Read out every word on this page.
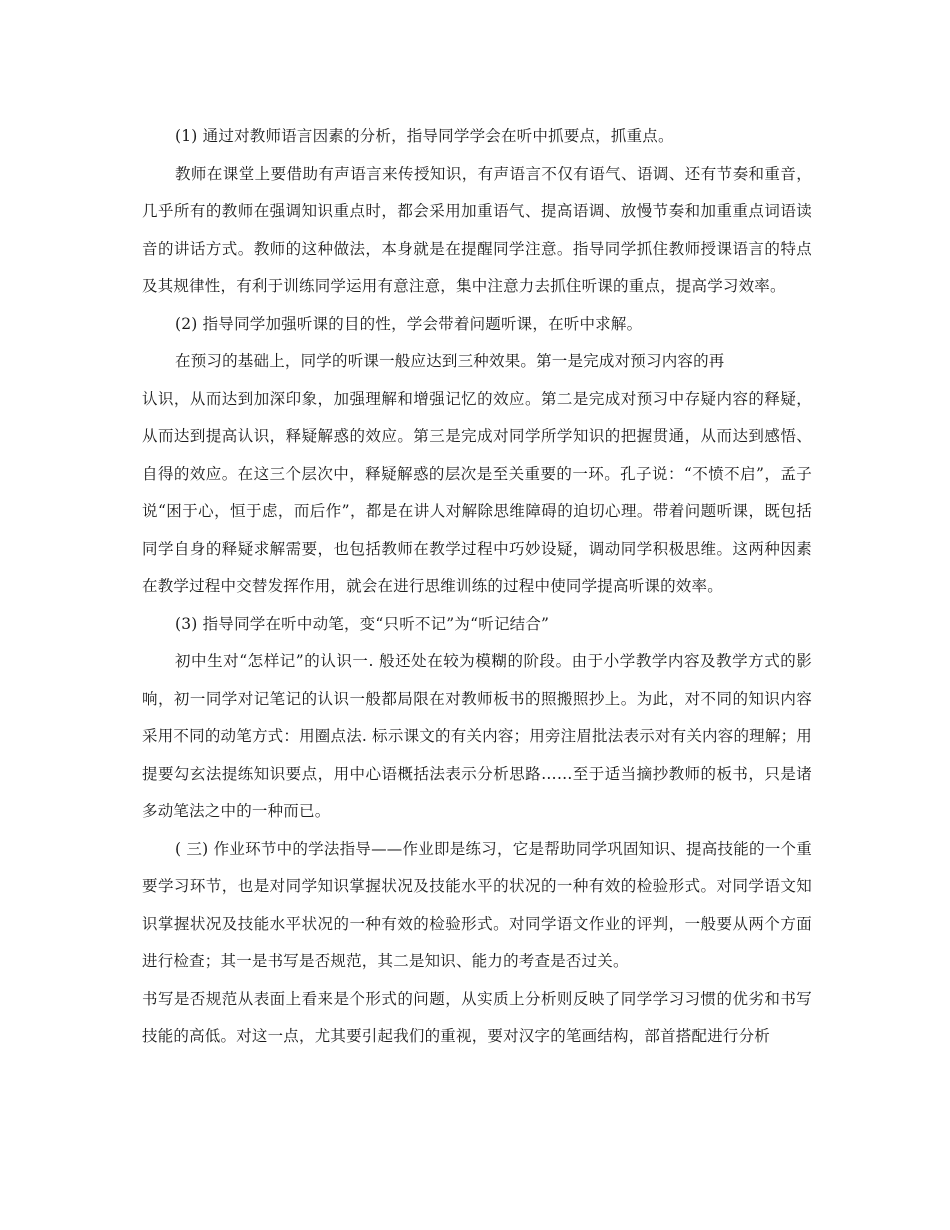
(1) 通过对教师语言因素的分析，指导同学学会在听中抓要点，抓重点。

教师在课堂上要借助有声语言来传授知识，有声语言不仅有语气、语调、还有节奏和重音，几乎所有的教师在强调知识重点时，都会采用加重语气、提高语调、放慢节奏和加重重点词语读音的讲话方式。教师的这种做法，本身就是在提醒同学注意。指导同学抓住教师授课语言的特点及其规律性，有利于训练同学运用有意注意，集中注意力去抓住听课的重点，提高学习效率。

(2) 指导同学加强听课的目的性，学会带着问题听课，在听中求解。

在预习的基础上，同学的听课一般应达到三种效果。第一是完成对预习内容的再

认识，从而达到加深印象，加强理解和增强记忆的效应。第二是完成对预习中存疑内容的释疑，从而达到提高认识，释疑解惑的效应。第三是完成对同学所学知识的把握贯通，从而达到感悟、自得的效应。在这三个层次中，释疑解惑的层次是至关重要的一环。孔子说：“不愤不启”，孟子说“困于心，恒于虑，而后作”，都是在讲人对解除思维障碍的迫切心理。带着问题听课，既包括同学自身的释疑求解需要，也包括教师在教学过程中巧妙设疑，调动同学积极思维。这两种因素在教学过程中交替发挥作用，就会在进行思维训练的过程中使同学提高听课的效率。

(3) 指导同学在听中动笔，变“只听不记”为“听记结合”

初中生对“怎样记”的认识一. 般还处在较为模糊的阶段。由于小学教学内容及教学方式的影响，初一同学对记笔记的认识一般都局限在对教师板书的照搬照抄上。为此，对不同的知识内容采用不同的动笔方式：用圈点法. 标示课文的有关内容；用旁注眉批法表示对有关内容的理解；用提要勾玄法提练知识要点，用中心语概括法表示分析思路……至于适当摘抄教师的板书，只是诸多动笔法之中的一种而已。

( 三) 作业环节中的学法指导——作业即是练习，它是帮助同学巩固知识、提高技能的一个重要学习环节，也是对同学知识掌握状况及技能水平的状况的一种有效的检验形式。对同学语文知识掌握状况及技能水平状况的一种有效的检验形式。对同学语文作业的评判，一般要从两个方面进行检查；其一是书写是否规范，其二是知识、能力的考查是否过关。

书写是否规范从表面上看来是个形式的问题，从实质上分析则反映了同学学习习惯的优劣和书写技能的高低。对这一点，尤其要引起我们的重视，要对汉字的笔画结构，部首搭配进行分析
